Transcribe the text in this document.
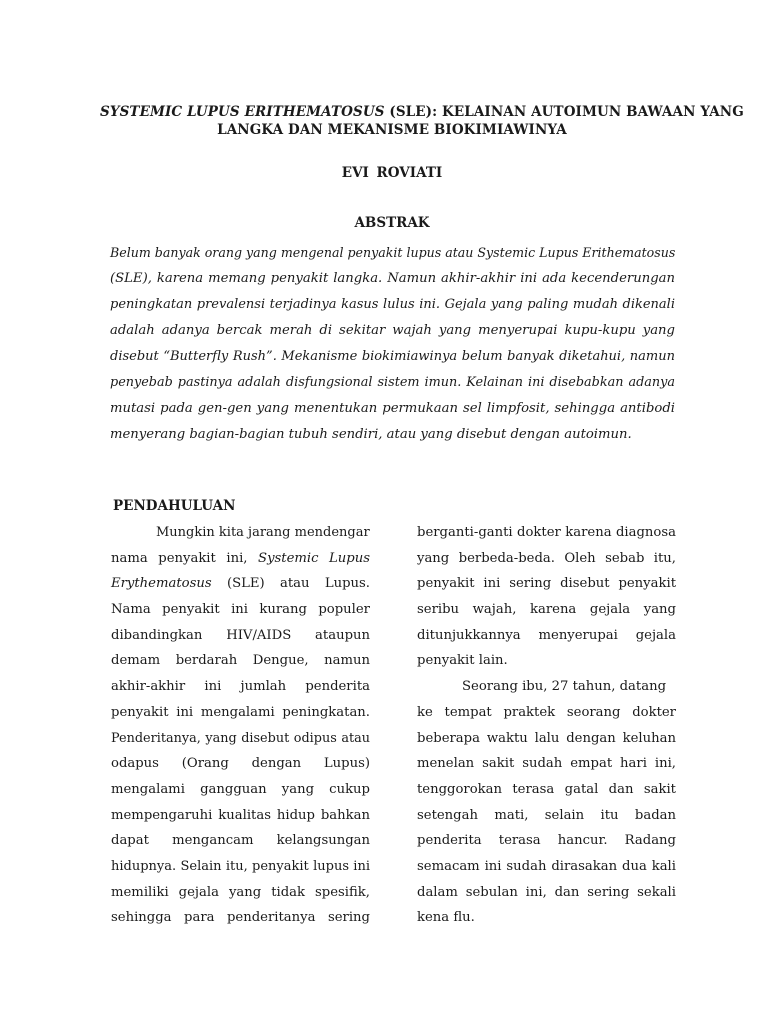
SYSTEMIC LUPUS ERITHEMATOSUS (SLE): KELAINAN AUTOIMUN BAWAAN YANG
LANGKA DAN MEKANISME BIOKIMIAWINYA
EVI ROVIATI
ABSTRAK
Belum banyak orang yang mengenal penyakit lupus atau Systemic Lupus Erithematosus
(SLE), karena memang penyakit langka. Namun akhir-akhir ini ada kecenderungan
peningkatan prevalensi terjadinya kasus lulus ini. Gejala yang paling mudah dikenali
adalah adanya bercak merah di sekitar wajah yang menyerupai kupu-kupu yang
disebut “Butterfly Rush”. Mekanisme biokimiawinya belum banyak diketahui, namun
penyebab pastinya adalah disfungsional sistem imun. Kelainan ini disebabkan adanya
mutasi pada gen-gen yang menentukan permukaan sel limpfosit, sehingga antibodi
menyerang bagian-bagian tubuh sendiri, atau yang disebut dengan autoimun.
PENDAHULUAN
Mungkin kita jarang mendengar
nama penyakit ini, Systemic Lupus
Erythematosus (SLE) atau Lupus.
Nama penyakit ini kurang populer
dibandingkan HIV/AIDS ataupun
demam berdarah Dengue, namun
akhir-akhir ini jumlah penderita
penyakit ini mengalami peningkatan.
Penderitanya, yang disebut odipus atau
odapus (Orang dengan Lupus)
mengalami gangguan yang cukup
mempengaruhi kualitas hidup bahkan
dapat mengancam kelangsungan
hidupnya. Selain itu, penyakit lupus ini
memiliki gejala yang tidak spesifik,
sehingga para penderitanya sering
berganti-ganti dokter karena diagnosa
yang berbeda-beda. Oleh sebab itu,
penyakit ini sering disebut penyakit
seribu wajah, karena gejala yang
ditunjukkannya menyerupai gejala
penyakit lain.
Seorang ibu, 27 tahun, datang
ke tempat praktek seorang dokter
beberapa waktu lalu dengan keluhan
menelan sakit sudah empat hari ini,
tenggorokan terasa gatal dan sakit
setengah mati, selain itu badan
penderita terasa hancur. Radang
semacam ini sudah dirasakan dua kali
dalam sebulan ini, dan sering sekali
kena flu.
